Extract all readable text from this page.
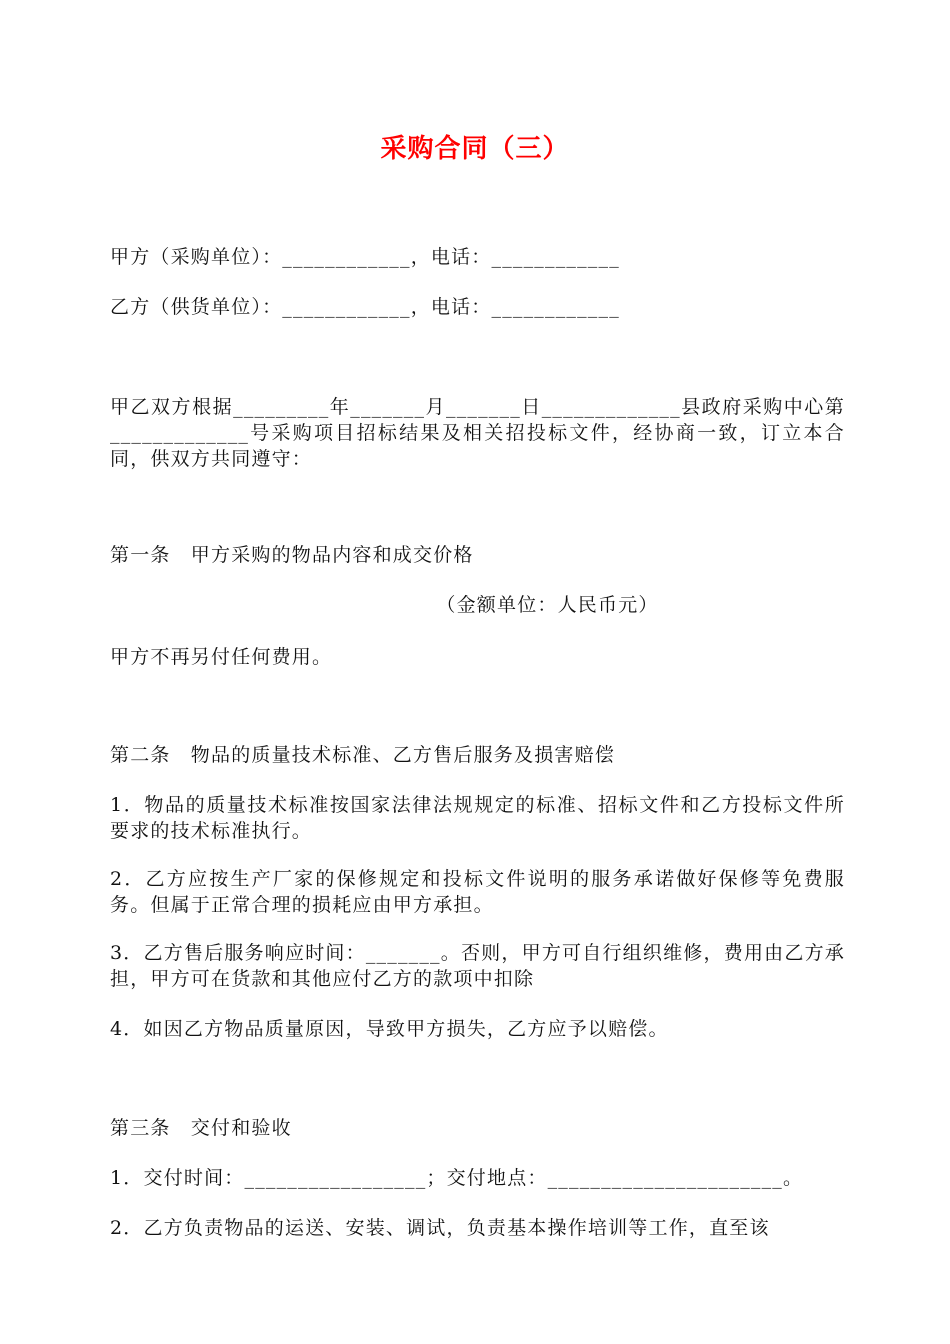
采购合同（三）
甲方（采购单位）：____________，电话：____________
乙方（供货单位）：____________，电话：____________
甲乙双方根据_________年_______月_______日_____________县政府采购中心第_____________号采购项目招标结果及相关招投标文件，经协商一致，订立本合同，供双方共同遵守：
第一条　甲方采购的物品内容和成交价格
（金额单位：人民币元）
甲方不再另付任何费用。
第二条　物品的质量技术标准、乙方售后服务及损害赔偿
1．物品的质量技术标准按国家法律法规规定的标准、招标文件和乙方投标文件所要求的技术标准执行。
2．乙方应按生产厂家的保修规定和投标文件说明的服务承诺做好保修等免费服务。但属于正常合理的损耗应由甲方承担。
3．乙方售后服务响应时间：_______。否则，甲方可自行组织维修，费用由乙方承担，甲方可在货款和其他应付乙方的款项中扣除
4．如因乙方物品质量原因，导致甲方损失，乙方应予以赔偿。
第三条　交付和验收
1．交付时间：_________________；交付地点：______________________。
2．乙方负责物品的运送、安装、调试，负责基本操作培训等工作，直至该
